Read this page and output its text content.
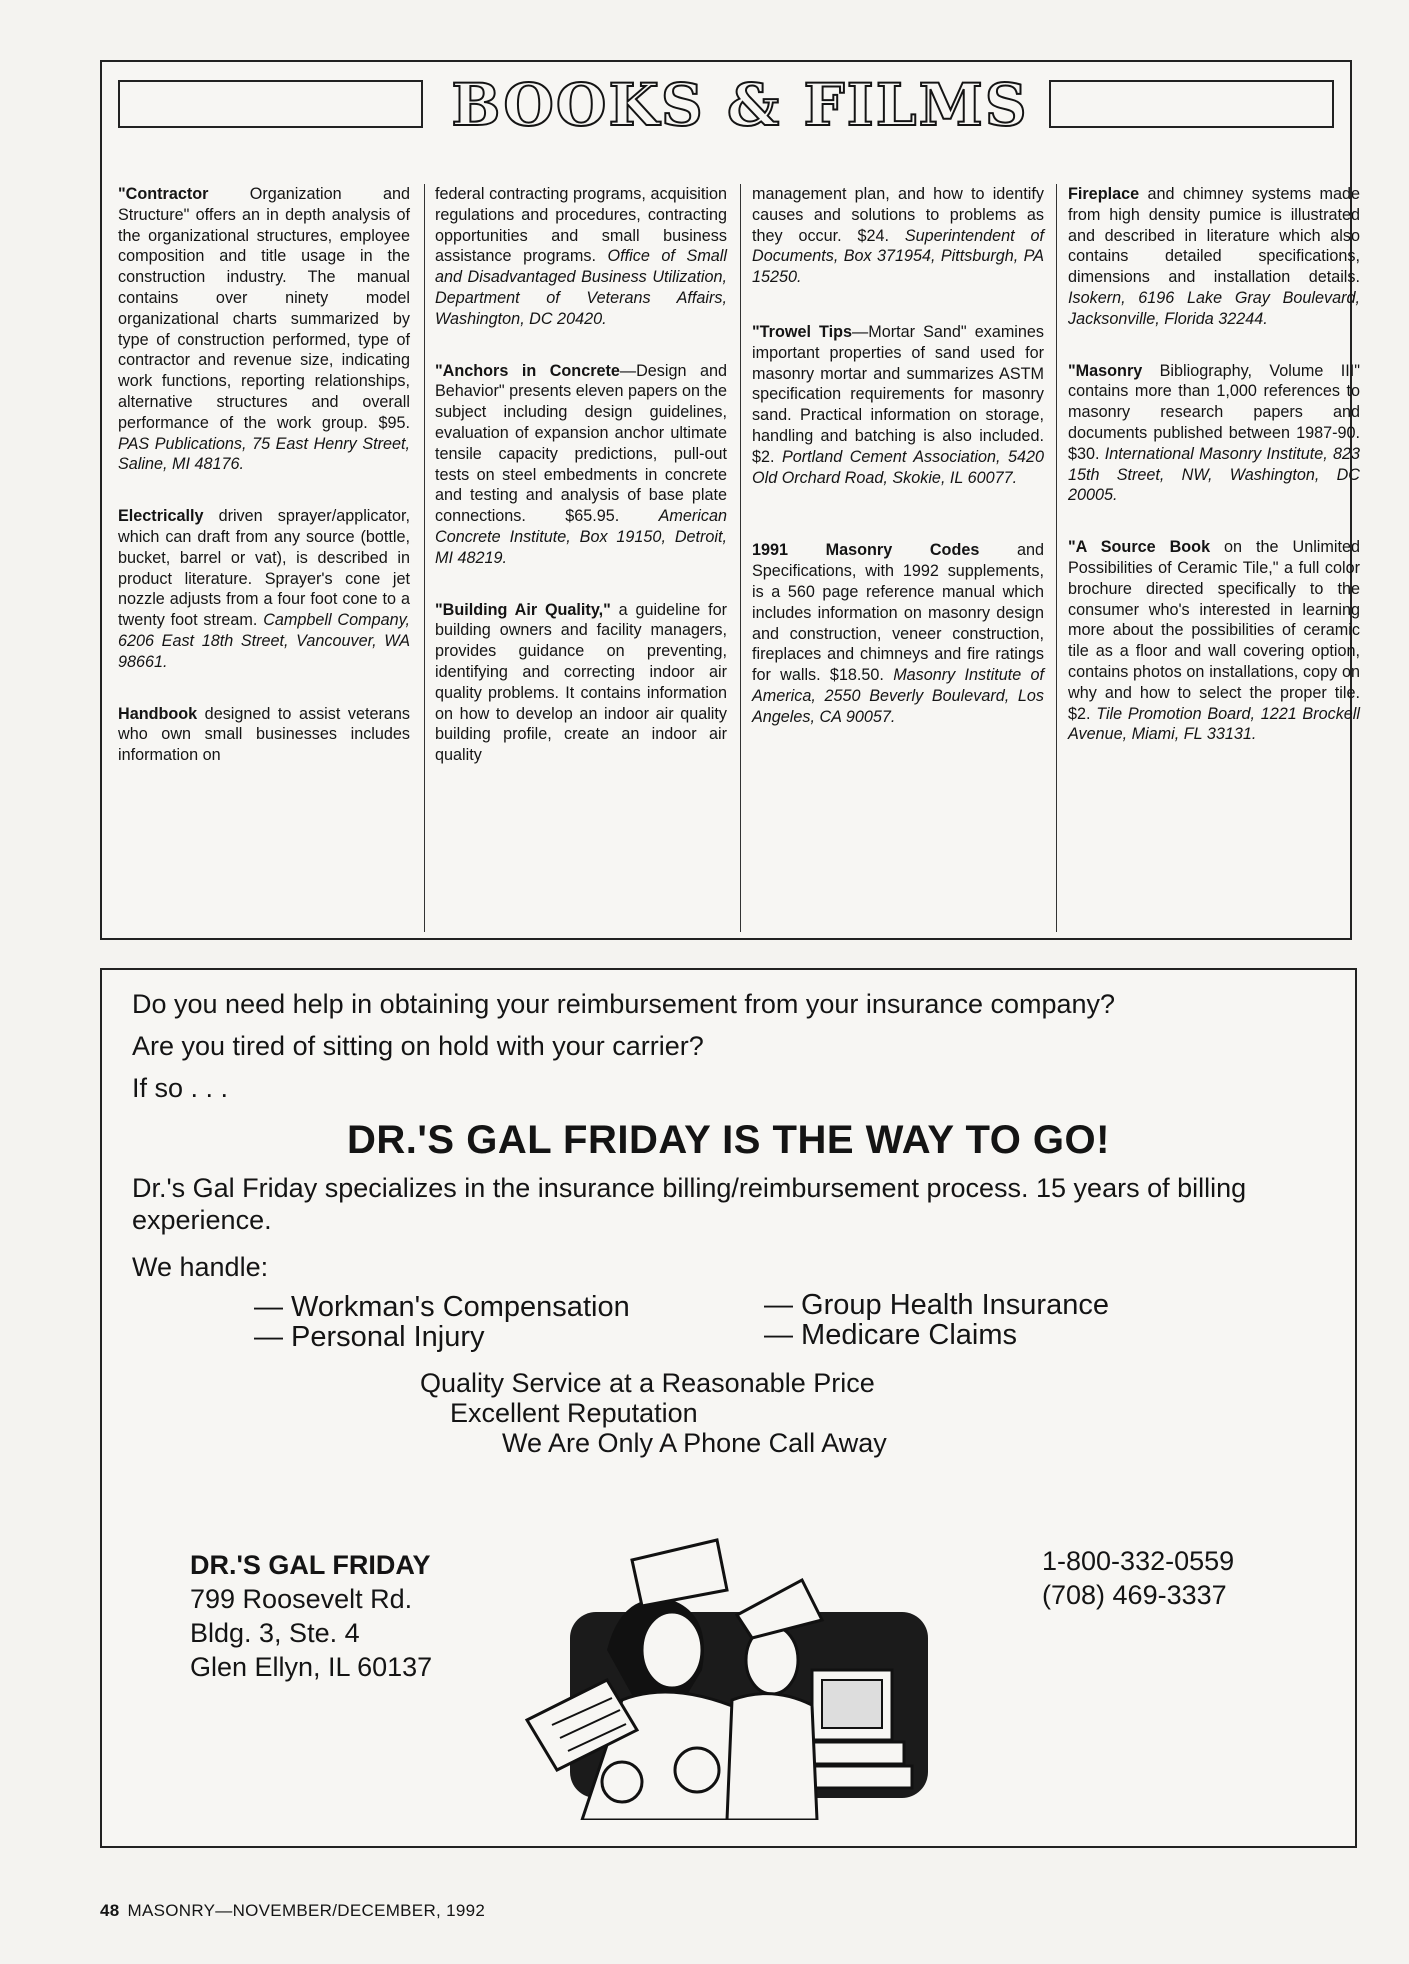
BOOKS & FILMS

"Contractor Organization and Structure" offers an in depth analysis of the organizational structures, employee composition and title usage in the construction industry. The manual contains over ninety model organizational charts summarized by type of construction performed, type of contractor and revenue size, indicating work functions, reporting relationships, alternative structures and overall performance of the work group. $95. PAS Publications, 75 East Henry Street, Saline, MI 48176.

Electrically driven sprayer/applicator, which can draft from any source (bottle, bucket, barrel or vat), is described in product literature. Sprayer's cone jet nozzle adjusts from a four foot cone to a twenty foot stream. Campbell Company, 6206 East 18th Street, Vancouver, WA 98661.

Handbook designed to assist veterans who own small businesses includes information on

federal contracting programs, acquisition regulations and procedures, contracting opportunities and small business assistance programs. Office of Small and Disadvantaged Business Utilization, Department of Veterans Affairs, Washington, DC 20420.

"Anchors in Concrete—Design and Behavior" presents eleven papers on the subject including design guidelines, evaluation of expansion anchor ultimate tensile capacity predictions, pull-out tests on steel embedments in concrete and testing and analysis of base plate connections. $65.95. American Concrete Institute, Box 19150, Detroit, MI 48219.

"Building Air Quality," a guideline for building owners and facility managers, provides guidance on preventing, identifying and correcting indoor air quality problems. It contains information on how to develop an indoor air quality building profile, create an indoor air quality

management plan, and how to identify causes and solutions to problems as they occur. $24. Superintendent of Documents, Box 371954, Pittsburgh, PA 15250.

"Trowel Tips—Mortar Sand" examines important properties of sand used for masonry mortar and summarizes ASTM specification requirements for masonry sand. Practical information on storage, handling and batching is also included. $2. Portland Cement Association, 5420 Old Orchard Road, Skokie, IL 60077.

1991 Masonry Codes and Specifications, with 1992 supplements, is a 560 page reference manual which includes information on masonry design and construction, veneer construction, fireplaces and chimneys and fire ratings for walls. $18.50. Masonry Institute of America, 2550 Beverly Boulevard, Los Angeles, CA 90057.

Fireplace and chimney systems made from high density pumice is illustrated and described in literature which also contains detailed specifications, dimensions and installation details. Isokern, 6196 Lake Gray Boulevard, Jacksonville, Florida 32244.

"Masonry Bibliography, Volume III" contains more than 1,000 references to masonry research papers and documents published between 1987-90. $30. International Masonry Institute, 823 15th Street, NW, Washington, DC 20005.

"A Source Book on the Unlimited Possibilities of Ceramic Tile," a full color brochure directed specifically to the consumer who's interested in learning more about the possibilities of ceramic tile as a floor and wall covering option, contains photos on installations, copy on why and how to select the proper tile. $2. Tile Promotion Board, 1221 Brockell Avenue, Miami, FL 33131.

Do you need help in obtaining your reimbursement from your insurance company?

Are you tired of sitting on hold with your carrier?

If so . . .

DR.'S GAL FRIDAY IS THE WAY TO GO!

Dr.'s Gal Friday specializes in the insurance billing/reimbursement process. 15 years of billing experience.

We handle:

— Workman's Compensation

— Personal Injury

— Group Health Insurance

— Medicare Claims

Quality Service at a Reasonable Price

Excellent Reputation

We Are Only A Phone Call Away

DR.'S GAL FRIDAY
799 Roosevelt Rd.
Bldg. 3, Ste. 4
Glen Ellyn, IL 60137
1-800-332-0559
(708) 469-3337
48 MASONRY—NOVEMBER/DECEMBER, 1992
